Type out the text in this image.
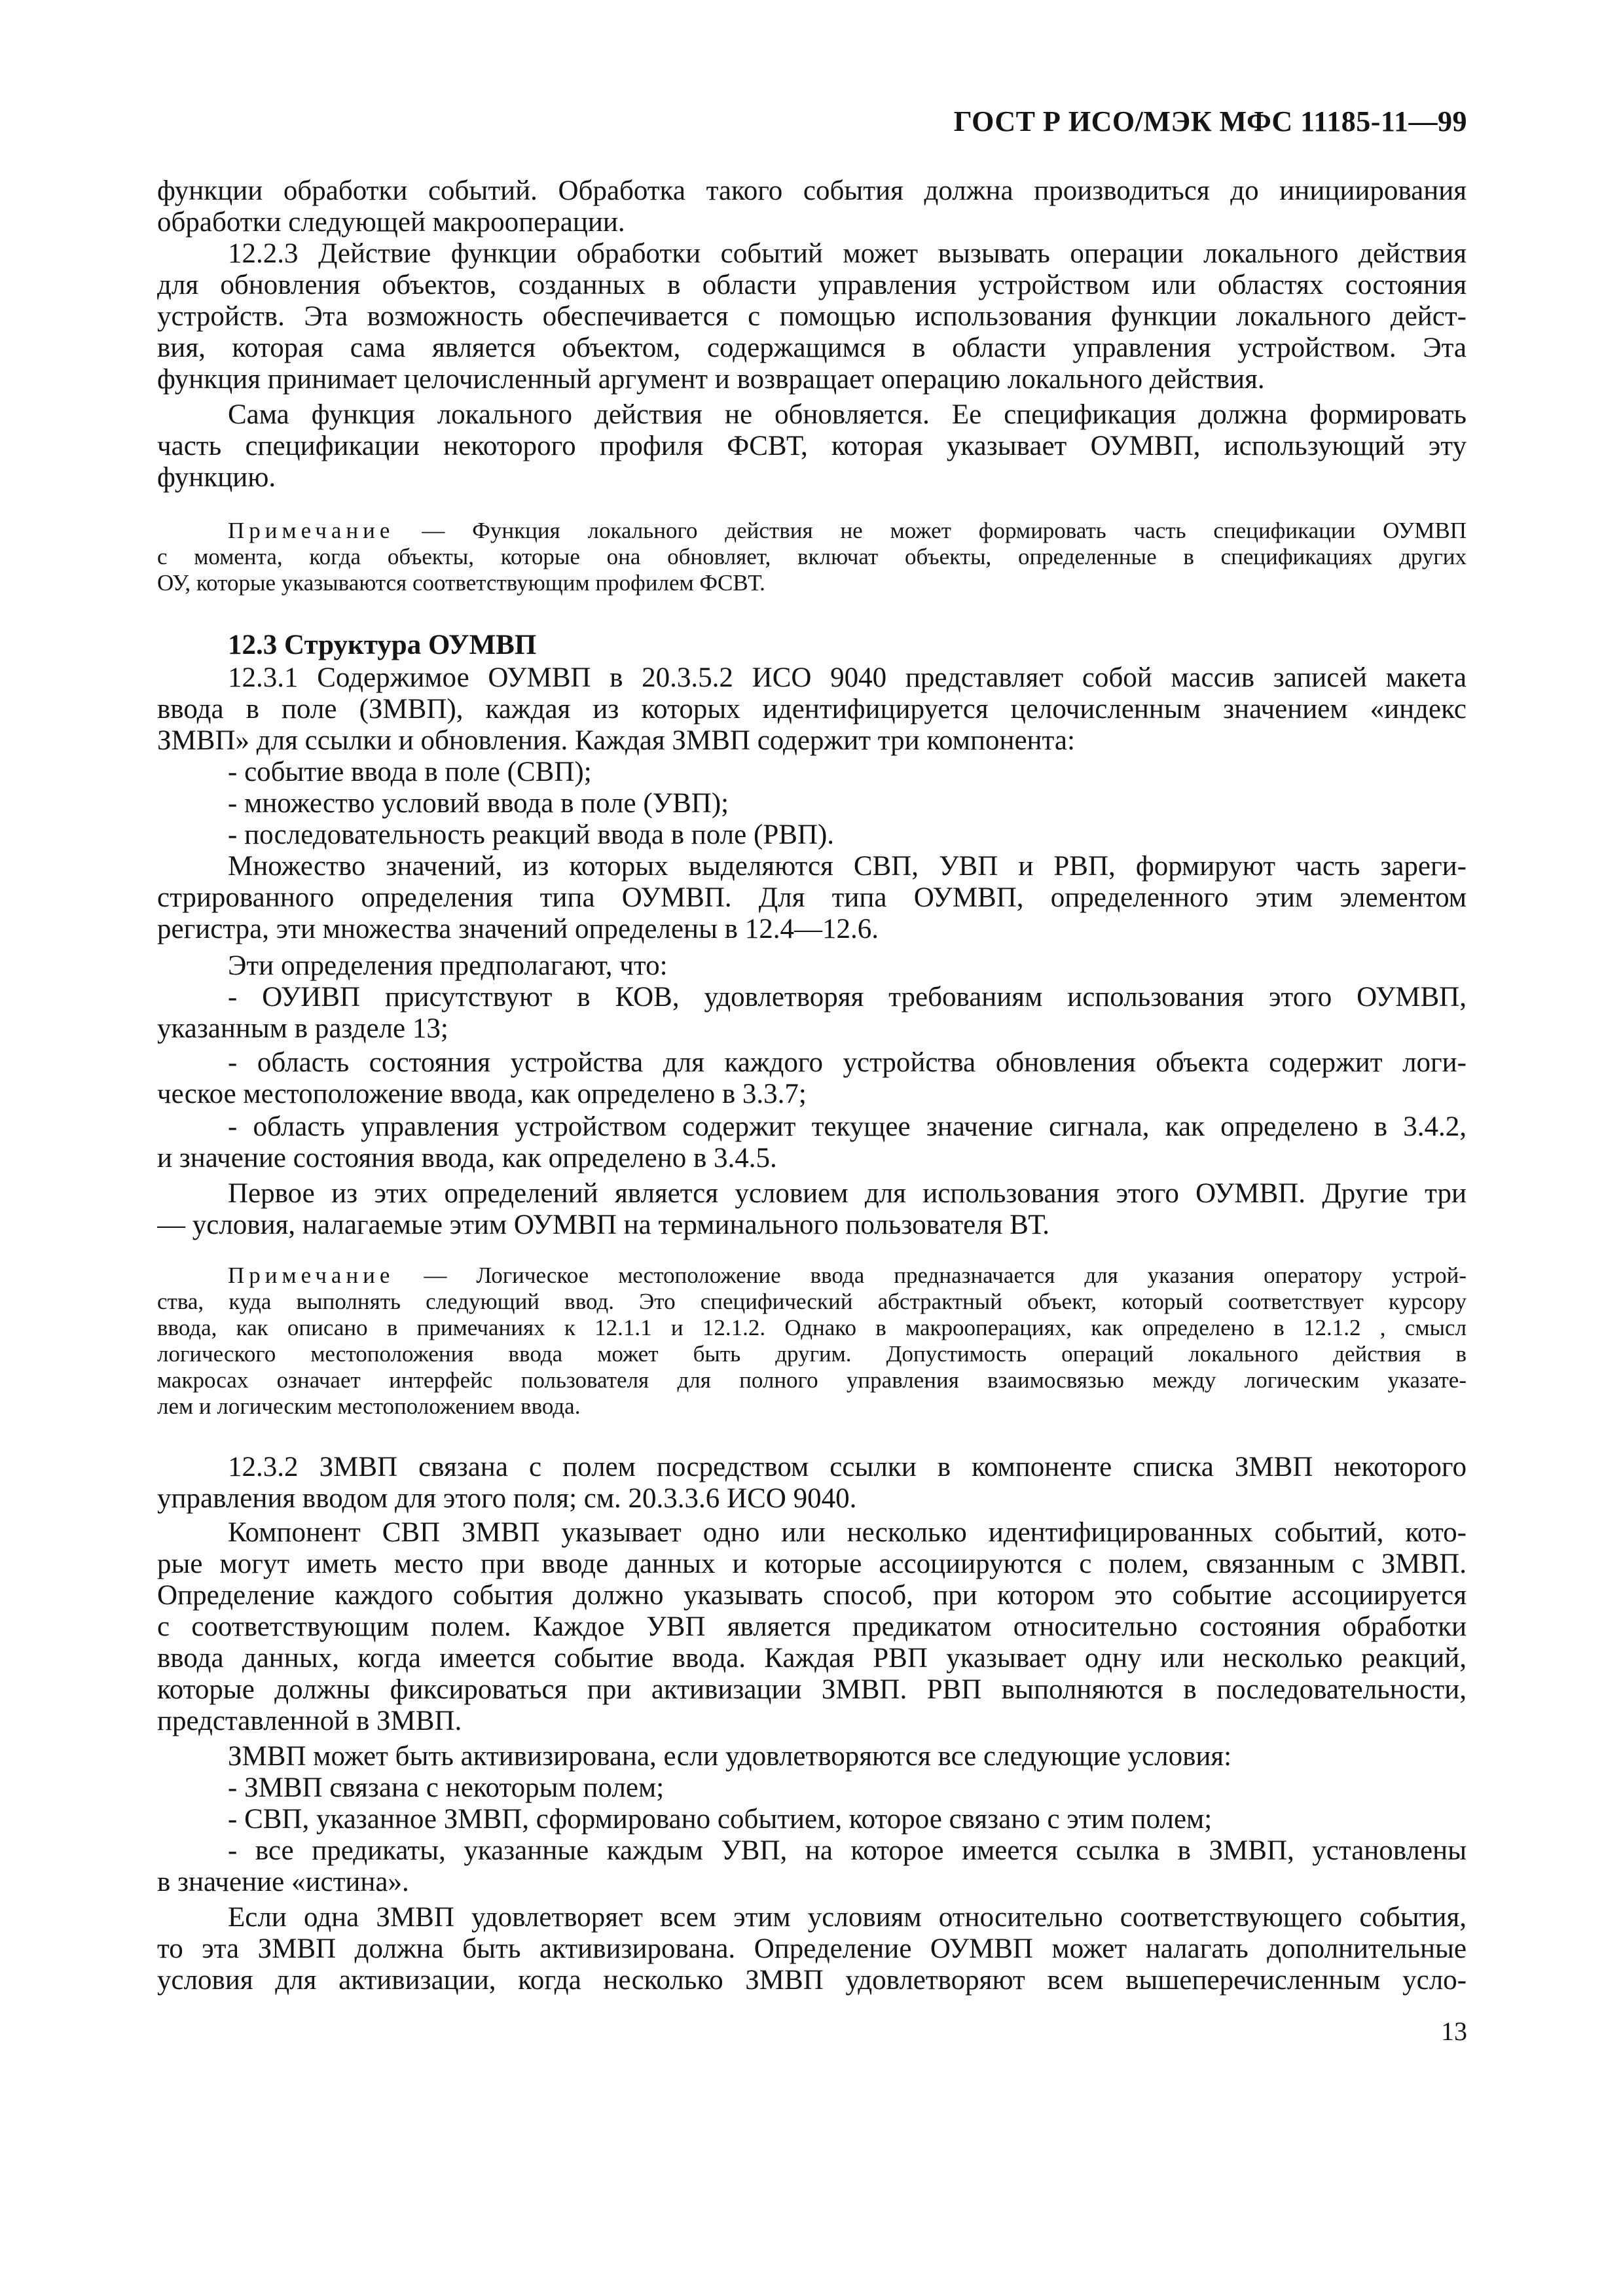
ГОСТ Р ИСО/МЭК МФС 11185-11—99
функции обработки событий. Обработка такого события должна производиться до инициирования
обработки следующей макрооперации.
12.2.3 Действие функции обработки событий может вызывать операции локального действия
для обновления объектов, созданных в области управления устройством или областях состояния
устройств. Эта возможность обеспечивается с помощью использования функции локального дейст-
вия, которая сама является объектом, содержащимся в области управления устройством. Эта
функция принимает целочисленный аргумент и возвращает операцию локального действия.
Сама функция локального действия не обновляется. Ее спецификация должна формировать
часть спецификации некоторого профиля ФСВТ, которая указывает ОУМВП, использующий эту
функцию.
Примечание — Функция локального действия не может формировать часть спецификации ОУМВП
с момента, когда объекты, которые она обновляет, включат объекты, определенные в спецификациях других
ОУ, которые указываются соответствующим профилем ФСВТ.
12.3 Структура ОУМВП
12.3.1 Содержимое ОУМВП в 20.3.5.2 ИСО 9040 представляет собой массив записей макета
ввода в поле (ЗМВП), каждая из которых идентифицируется целочисленным значением «индекс
ЗМВП» для ссылки и обновления. Каждая ЗМВП содержит три компонента:
- событие ввода в поле (СВП);
- множество условий ввода в поле (УВП);
- последовательность реакций ввода в поле (РВП).
Множество значений, из которых выделяются СВП, УВП и РВП, формируют часть зареги-
стрированного определения типа ОУМВП. Для типа ОУМВП, определенного этим элементом
регистра, эти множества значений определены в 12.4—12.6.
Эти определения предполагают, что:
- ОУИВП присутствуют в КОВ, удовлетворяя требованиям использования этого ОУМВП,
указанным в разделе 13;
- область состояния устройства для каждого устройства обновления объекта содержит логи-
ческое местоположение ввода, как определено в 3.3.7;
- область управления устройством содержит текущее значение сигнала, как определено в 3.4.2,
и значение состояния ввода, как определено в 3.4.5.
Первое из этих определений является условием для использования этого ОУМВП. Другие три
— условия, налагаемые этим ОУМВП на терминального пользователя ВТ.
Примечание — Логическое местоположение ввода предназначается для указания оператору устрой-
ства, куда выполнять следующий ввод. Это специфический абстрактный объект, который соответствует курсору
ввода, как описано в примечаниях к 12.1.1 и 12.1.2. Однако в макрооперациях, как определено в 12.1.2 , смысл
логического местоположения ввода может быть другим. Допустимость операций локального действия в
макросах означает интерфейс пользователя для полного управления взаимосвязью между логическим указате-
лем и логическим местоположением ввода.
12.3.2 ЗМВП связана с полем посредством ссылки в компоненте списка ЗМВП некоторого
управления вводом для этого поля; см. 20.3.3.6 ИСО 9040.
Компонент СВП ЗМВП указывает одно или несколько идентифицированных событий, кото-
рые могут иметь место при вводе данных и которые ассоциируются с полем, связанным с ЗМВП.
Определение каждого события должно указывать способ, при котором это событие ассоциируется
с соответствующим полем. Каждое УВП является предикатом относительно состояния обработки
ввода данных, когда имеется событие ввода. Каждая РВП указывает одну или несколько реакций,
которые должны фиксироваться при активизации ЗМВП. РВП выполняются в последовательности,
представленной в ЗМВП.
ЗМВП может быть активизирована, если удовлетворяются все следующие условия:
- ЗМВП связана с некоторым полем;
- СВП, указанное ЗМВП, сформировано событием, которое связано с этим полем;
- все предикаты, указанные каждым УВП, на которое имеется ссылка в ЗМВП, установлены
в значение «истина».
Если одна ЗМВП удовлетворяет всем этим условиям относительно соответствующего события,
то эта ЗМВП должна быть активизирована. Определение ОУМВП может налагать дополнительные
условия для активизации, когда несколько ЗМВП удовлетворяют всем вышеперечисленным усло-
13
